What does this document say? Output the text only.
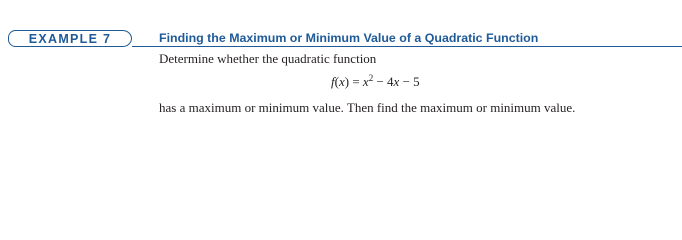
EXAMPLE 7	Finding the Maximum or Minimum Value of a Quadratic Function
Determine whether the quadratic function
$f(x) = x^2 - 4x - 5$
has a maximum or minimum value. Then find the maximum or minimum value.
